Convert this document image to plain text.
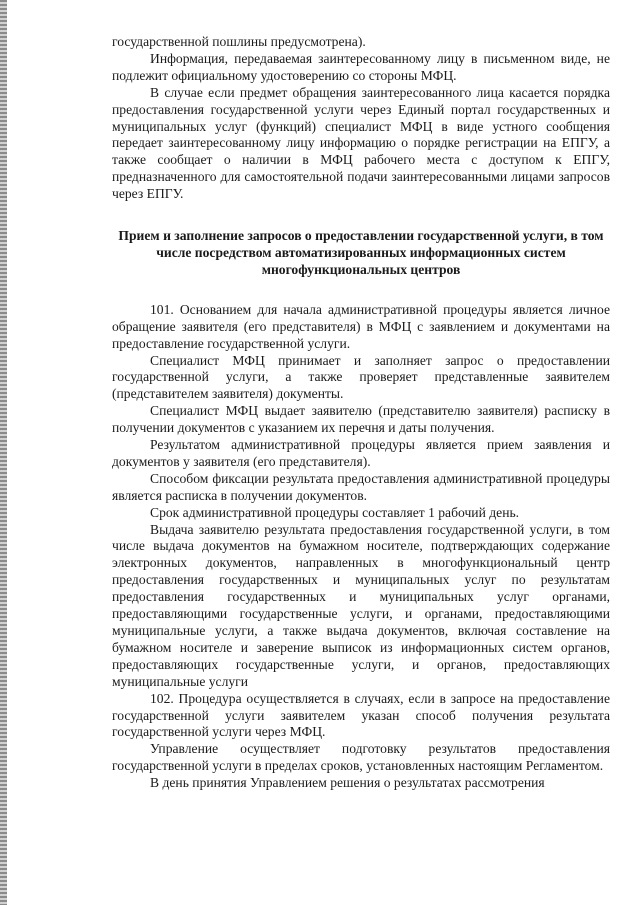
государственной пошлины предусмотрена).

Информация, передаваемая заинтересованному лицу в письменном виде, не подлежит официальному удостоверению со стороны МФЦ.

В случае если предмет обращения заинтересованного лица касается порядка предоставления государственной услуги через Единый портал государственных и муниципальных услуг (функций) специалист МФЦ в виде устного сообщения передает заинтересованному лицу информацию о порядке регистрации на ЕПГУ, а также сообщает о наличии в МФЦ рабочего места с доступом к ЕПГУ, предназначенного для самостоятельной подачи заинтересованными лицами запросов через ЕПГУ.

Прием и заполнение запросов о предоставлении государственной услуги, в том числе посредством автоматизированных информационных систем многофункциональных центров

101. Основанием для начала административной процедуры является личное обращение заявителя (его представителя) в МФЦ с заявлением и документами на предоставление государственной услуги.

Специалист МФЦ принимает и заполняет запрос о предоставлении государственной услуги, а также проверяет представленные заявителем (представителем заявителя) документы.

Специалист МФЦ выдает заявителю (представителю заявителя) расписку в получении документов с указанием их перечня и даты получения.

Результатом административной процедуры является прием заявления и документов у заявителя (его представителя).

Способом фиксации результата предоставления административной процедуры является расписка в получении документов.

Срок административной процедуры составляет 1 рабочий день.

Выдача заявителю результата предоставления государственной услуги, в том числе выдача документов на бумажном носителе, подтверждающих содержание электронных документов, направленных в многофункциональный центр предоставления государственных и муниципальных услуг по результатам предоставления государственных и муниципальных услуг органами, предоставляющими государственные услуги, и органами, предоставляющими муниципальные услуги, а также выдача документов, включая составление на бумажном носителе и заверение выписок из информационных систем органов, предоставляющих государственные услуги, и органов, предоставляющих муниципальные услуги

102. Процедура осуществляется в случаях, если в запросе на предоставление государственной услуги заявителем указан способ получения результата государственной услуги через МФЦ.

Управление осуществляет подготовку результатов предоставления государственной услуги в пределах сроков, установленных настоящим Регламентом.

В день принятия Управлением решения о результатах рассмотрения
